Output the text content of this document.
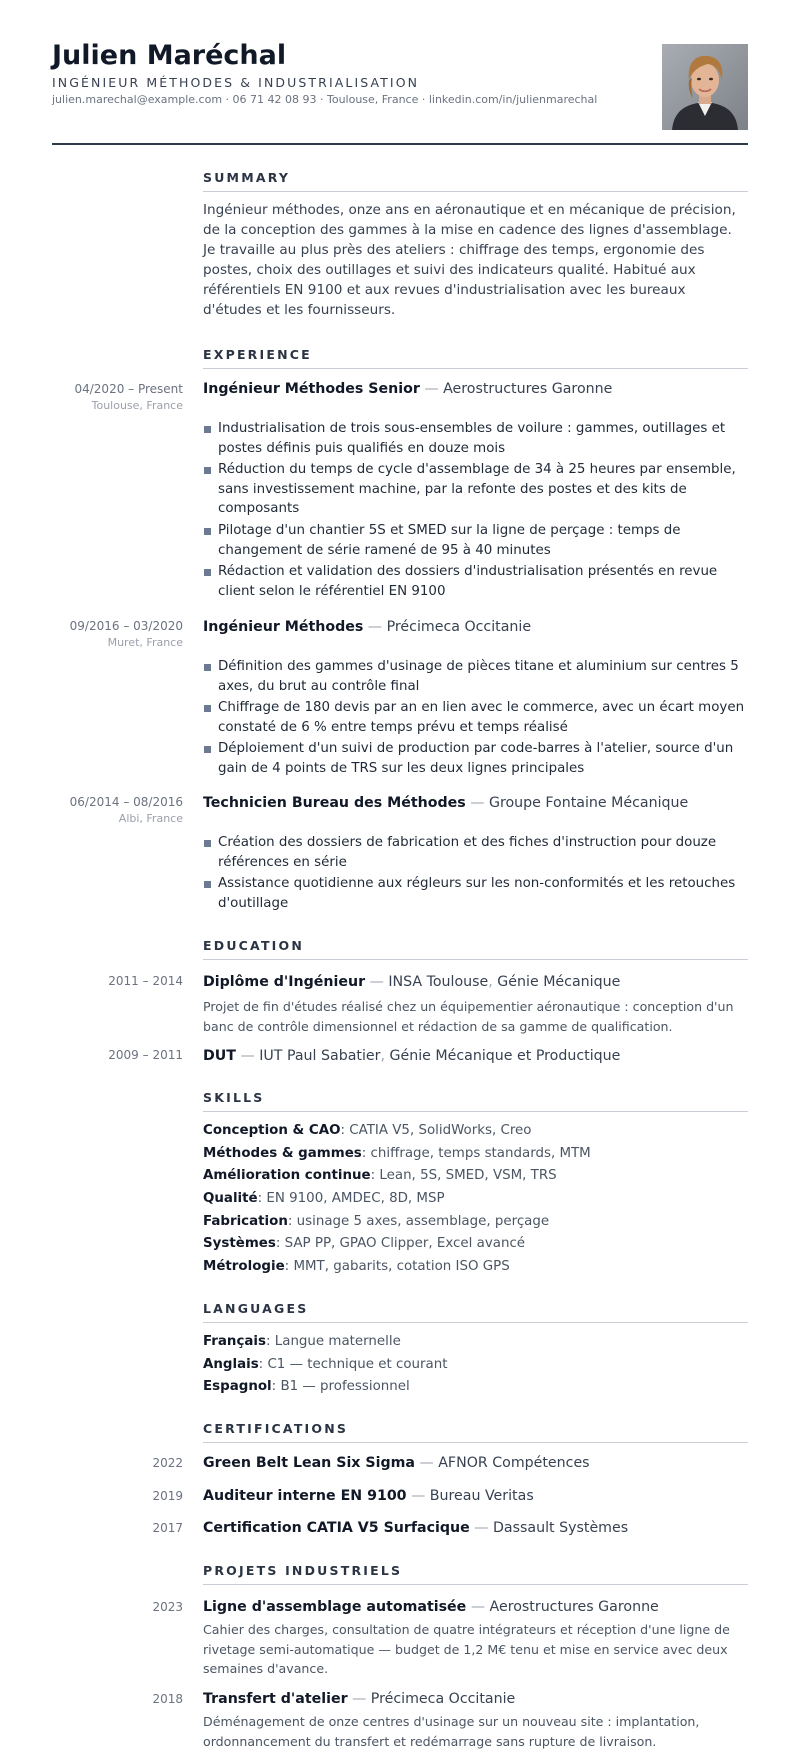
Julien Maréchal
INGÉNIEUR MÉTHODES & INDUSTRIALISATION
julien.marechal@example.com · 06 71 42 08 93 · Toulouse, France · linkedin.com/in/julienmarechal
SUMMARY
Ingénieur méthodes, onze ans en aéronautique et en mécanique de précision, de la conception des gammes à la mise en cadence des lignes d'assemblage. Je travaille au plus près des ateliers : chiffrage des temps, ergonomie des postes, choix des outillages et suivi des indicateurs qualité. Habitué aux référentiels EN 9100 et aux revues d'industrialisation avec les bureaux d'études et les fournisseurs.
EXPERIENCE
04/2020 – Present
Toulouse, France
Ingénieur Méthodes Senior — Aerostructures Garonne
Industrialisation de trois sous-ensembles de voilure : gammes, outillages et postes définis puis qualifiés en douze mois
Réduction du temps de cycle d'assemblage de 34 à 25 heures par ensemble, sans investissement machine, par la refonte des postes et des kits de composants
Pilotage d'un chantier 5S et SMED sur la ligne de perçage : temps de changement de série ramené de 95 à 40 minutes
Rédaction et validation des dossiers d'industrialisation présentés en revue client selon le référentiel EN 9100
09/2016 – 03/2020
Muret, France
Ingénieur Méthodes — Précimeca Occitanie
Définition des gammes d'usinage de pièces titane et aluminium sur centres 5 axes, du brut au contrôle final
Chiffrage de 180 devis par an en lien avec le commerce, avec un écart moyen constaté de 6 % entre temps prévu et temps réalisé
Déploiement d'un suivi de production par code-barres à l'atelier, source d'un gain de 4 points de TRS sur les deux lignes principales
06/2014 – 08/2016
Albi, France
Technicien Bureau des Méthodes — Groupe Fontaine Mécanique
Création des dossiers de fabrication et des fiches d'instruction pour douze références en série
Assistance quotidienne aux régleurs sur les non-conformités et les retouches d'outillage
EDUCATION
2011 – 2014 Diplôme d'Ingénieur — INSA Toulouse, Génie Mécanique
Projet de fin d'études réalisé chez un équipementier aéronautique : conception d'un banc de contrôle dimensionnel et rédaction de sa gamme de qualification.
2009 – 2011 DUT — IUT Paul Sabatier, Génie Mécanique et Productique
SKILLS
Conception & CAO: CATIA V5, SolidWorks, Creo
Méthodes & gammes: chiffrage, temps standards, MTM
Amélioration continue: Lean, 5S, SMED, VSM, TRS
Qualité: EN 9100, AMDEC, 8D, MSP
Fabrication: usinage 5 axes, assemblage, perçage
Systèmes: SAP PP, GPAO Clipper, Excel avancé
Métrologie: MMT, gabarits, cotation ISO GPS
LANGUAGES
Français: Langue maternelle
Anglais: C1 — technique et courant
Espagnol: B1 — professionnel
CERTIFICATIONS
2022 Green Belt Lean Six Sigma — AFNOR Compétences
2019 Auditeur interne EN 9100 — Bureau Veritas
2017 Certification CATIA V5 Surfacique — Dassault Systèmes
PROJETS INDUSTRIELS
2023 Ligne d'assemblage automatisée — Aerostructures Garonne
Cahier des charges, consultation de quatre intégrateurs et réception d'une ligne de rivetage semi-automatique — budget de 1,2 M€ tenu et mise en service avec deux semaines d'avance.
2018 Transfert d'atelier — Précimeca Occitanie
Déménagement de onze centres d'usinage sur un nouveau site : implantation, ordonnancement du transfert et redémarrage sans rupture de livraison.
